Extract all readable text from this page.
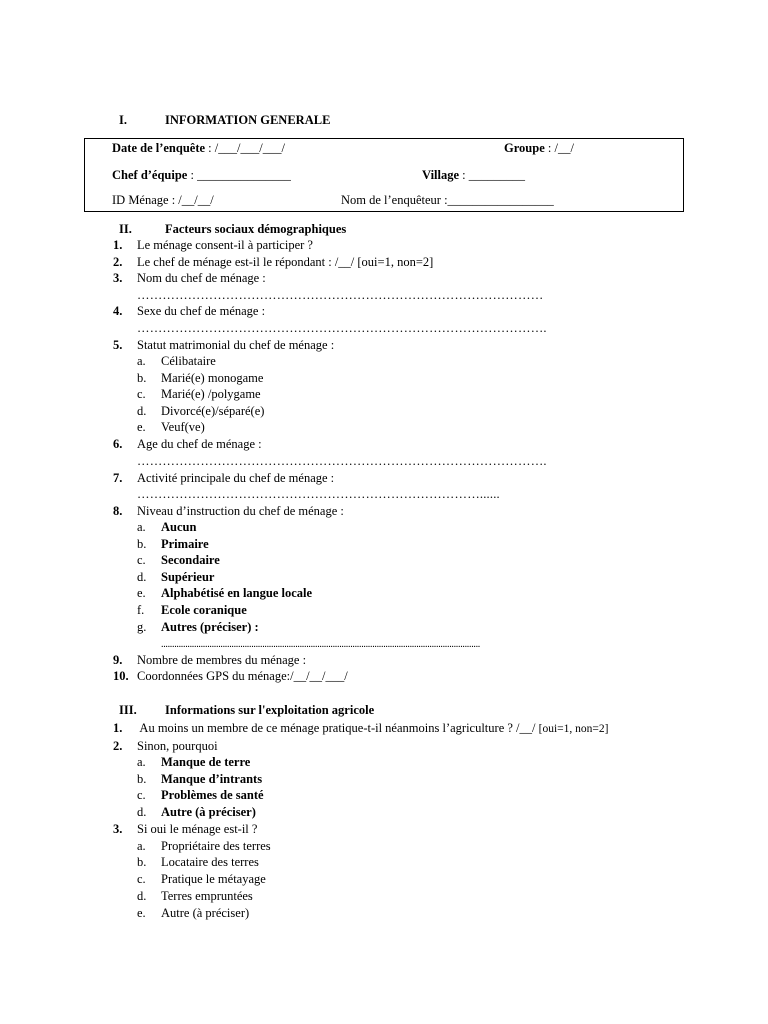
I.	INFORMATION GENERALE
Date de l’enquête : /___/___/___/	Groupe : /__/
Chef d’équipe : _______________	Village : _________
ID Ménage : /__/__/	Nom de l’enquêteur :_________________
II.	Facteurs sociaux démographiques
1. Le ménage consent-il à participer ?
2. Le chef de ménage est-il le répondant : /__/ [oui=1, non=2]
3. Nom du chef de ménage :
……………………………………………………………………………………
4. Sexe du chef de ménage :
…………………………………………………………………………………….
5. Statut matrimonial du chef de ménage :
a. Célibataire
b. Marié(e) monogame
c. Marié(e) /polygame
d. Divorcé(e)/séparé(e)
e. Veuf(ve)
6. Age du chef de ménage :
…………………………………………………………………………………….
7. Activité principale du chef de ménage :
………………………………………………………………………......
8. Niveau d’instruction du chef de ménage :
a. Aucun
b. Primaire
c. Secondaire
d. Supérieur
e. Alphabétisé en langue locale
f. Ecole coranique
g. Autres (préciser) :
.................................................................................................................................................
9. Nombre de membres du ménage :
10. Coordonnées GPS du ménage:/__/__/___/
III. Informations sur l'exploitation agricole
1. Au moins un membre de ce ménage pratique-t-il néanmoins l’agriculture ? /__/ [oui=1, non=2]
2. Sinon, pourquoi
a. Manque de terre
b. Manque d’intrants
c. Problèmes de santé
d. Autre (à préciser)
3. Si oui le ménage est-il ?
a. Propriétaire des terres
b. Locataire des terres
c. Pratique le métayage
d. Terres empruntées
e. Autre (à préciser)
